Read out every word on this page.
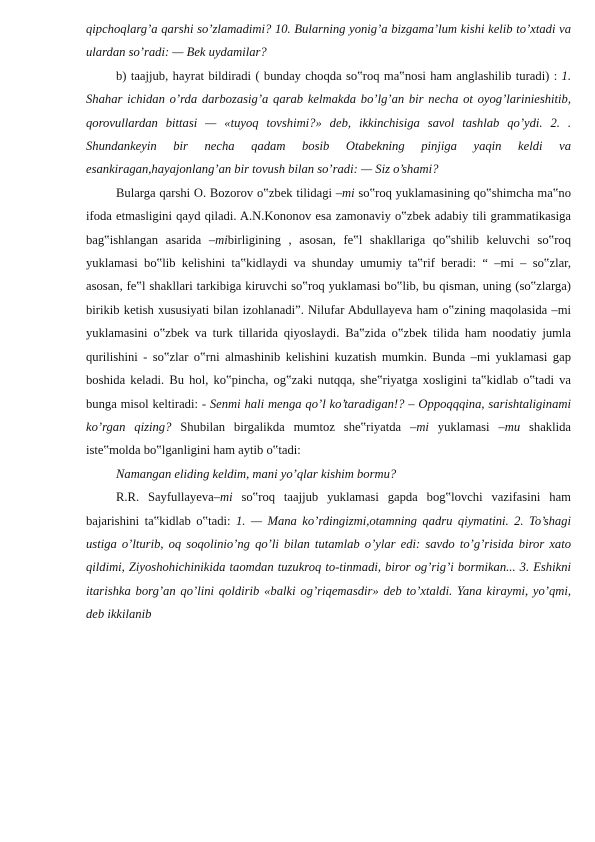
qipchoqlarg’a qarshi so’zlamadimi? 10. Bularning yonig’a bizgama’lum kishi kelib to’xtadi va ulardan so’radi: — Bek uydamilar?

b) taajjub, hayrat bildiradi ( bunday choqda so‟roq ma‟nosi ham anglashilib turadi) : 1. Shahar ichidan o’rda darbozasig’a qarab kelmakda bo’lg’an bir necha ot oyog’larinieshitib, qorovullardan bittasi — «tuyoq tovshimi?» deb, ikkinchisiga savol tashlab qo’ydi. 2. . Shundankeyin bir necha qadam bosib Otabekning pinjiga yaqin keldi va esankiragan,hayajonlang’an bir tovush bilan so’radi: — Siz o’shami?

Bularga qarshi O. Bozorov o‟zbek tilidagi –mi so‟roq yuklamasining qo‟shimcha ma‟no ifoda etmasligini qayd qiladi. A.N.Kononov esa zamonaviy o‟zbek adabiy tili grammatikasiga bag‟ishlangan asarida –mibirligining , asosan, fe‟l shakllariga qo‟shilib keluvchi so‟roq yuklamasi bo‟lib kelishini ta‟kidlaydi va shunday umumiy ta‟rif beradi: “ –mi – so‟zlar, asosan, fe‟l shakllari tarkibiga kiruvchi so‟roq yuklamasi bo‟lib, bu qisman, uning (so‟zlarga) birikib ketish xususiyati bilan izohlanadi”. Nilufar Abdullayeva ham o‟zining maqolasida –mi yuklamasini o‟zbek va turk tillarida qiyoslaydi. Ba‟zida o‟zbek tilida ham noodatiy jumla qurilishini - so‟zlar o‟rni almashinib kelishini kuzatish mumkin. Bunda –mi yuklamasi gap boshida keladi. Bu hol, ko‟pincha, og‟zaki nutqqa, she‟riyatga xosligini ta‟kidlab o‟tadi va bunga misol keltiradi: - Senmi hali menga qo’l ko’taradigan!? – Oppoqqqina, sarishtaliginami ko’rgan qizing? Shubilan birgalikda mumtoz she‟riyatda –mi yuklamasi –mu shaklida iste‟molda bo‟lganligini ham aytib o‟tadi:

Namangan eliding keldim, mani yo’qlar kishim bormu?

R.R. Sayfullayeva–mi so‟roq taajjub yuklamasi gapda bog‟lovchi vazifasini ham bajarishini ta‟kidlab o‟tadi: 1. — Mana ko’rdingizmi,otamning qadru qiymatini. 2. To’shagi ustiga o’lturib, oq soqolinio’ng qo’li bilan tutamlab o’ylar edi: savdo to’g’risida biror xato qildimi, Ziyoshohichinikida taomdan tuzukroq to-tinmadi, biror og’rig’i bormikan... 3. Eshikni itarishka borg’an qo’lini qoldirib «balki og’riqemasdir» deb to’xtaldi. Yana kiraymi, yo’qmi, deb ikkilanib
